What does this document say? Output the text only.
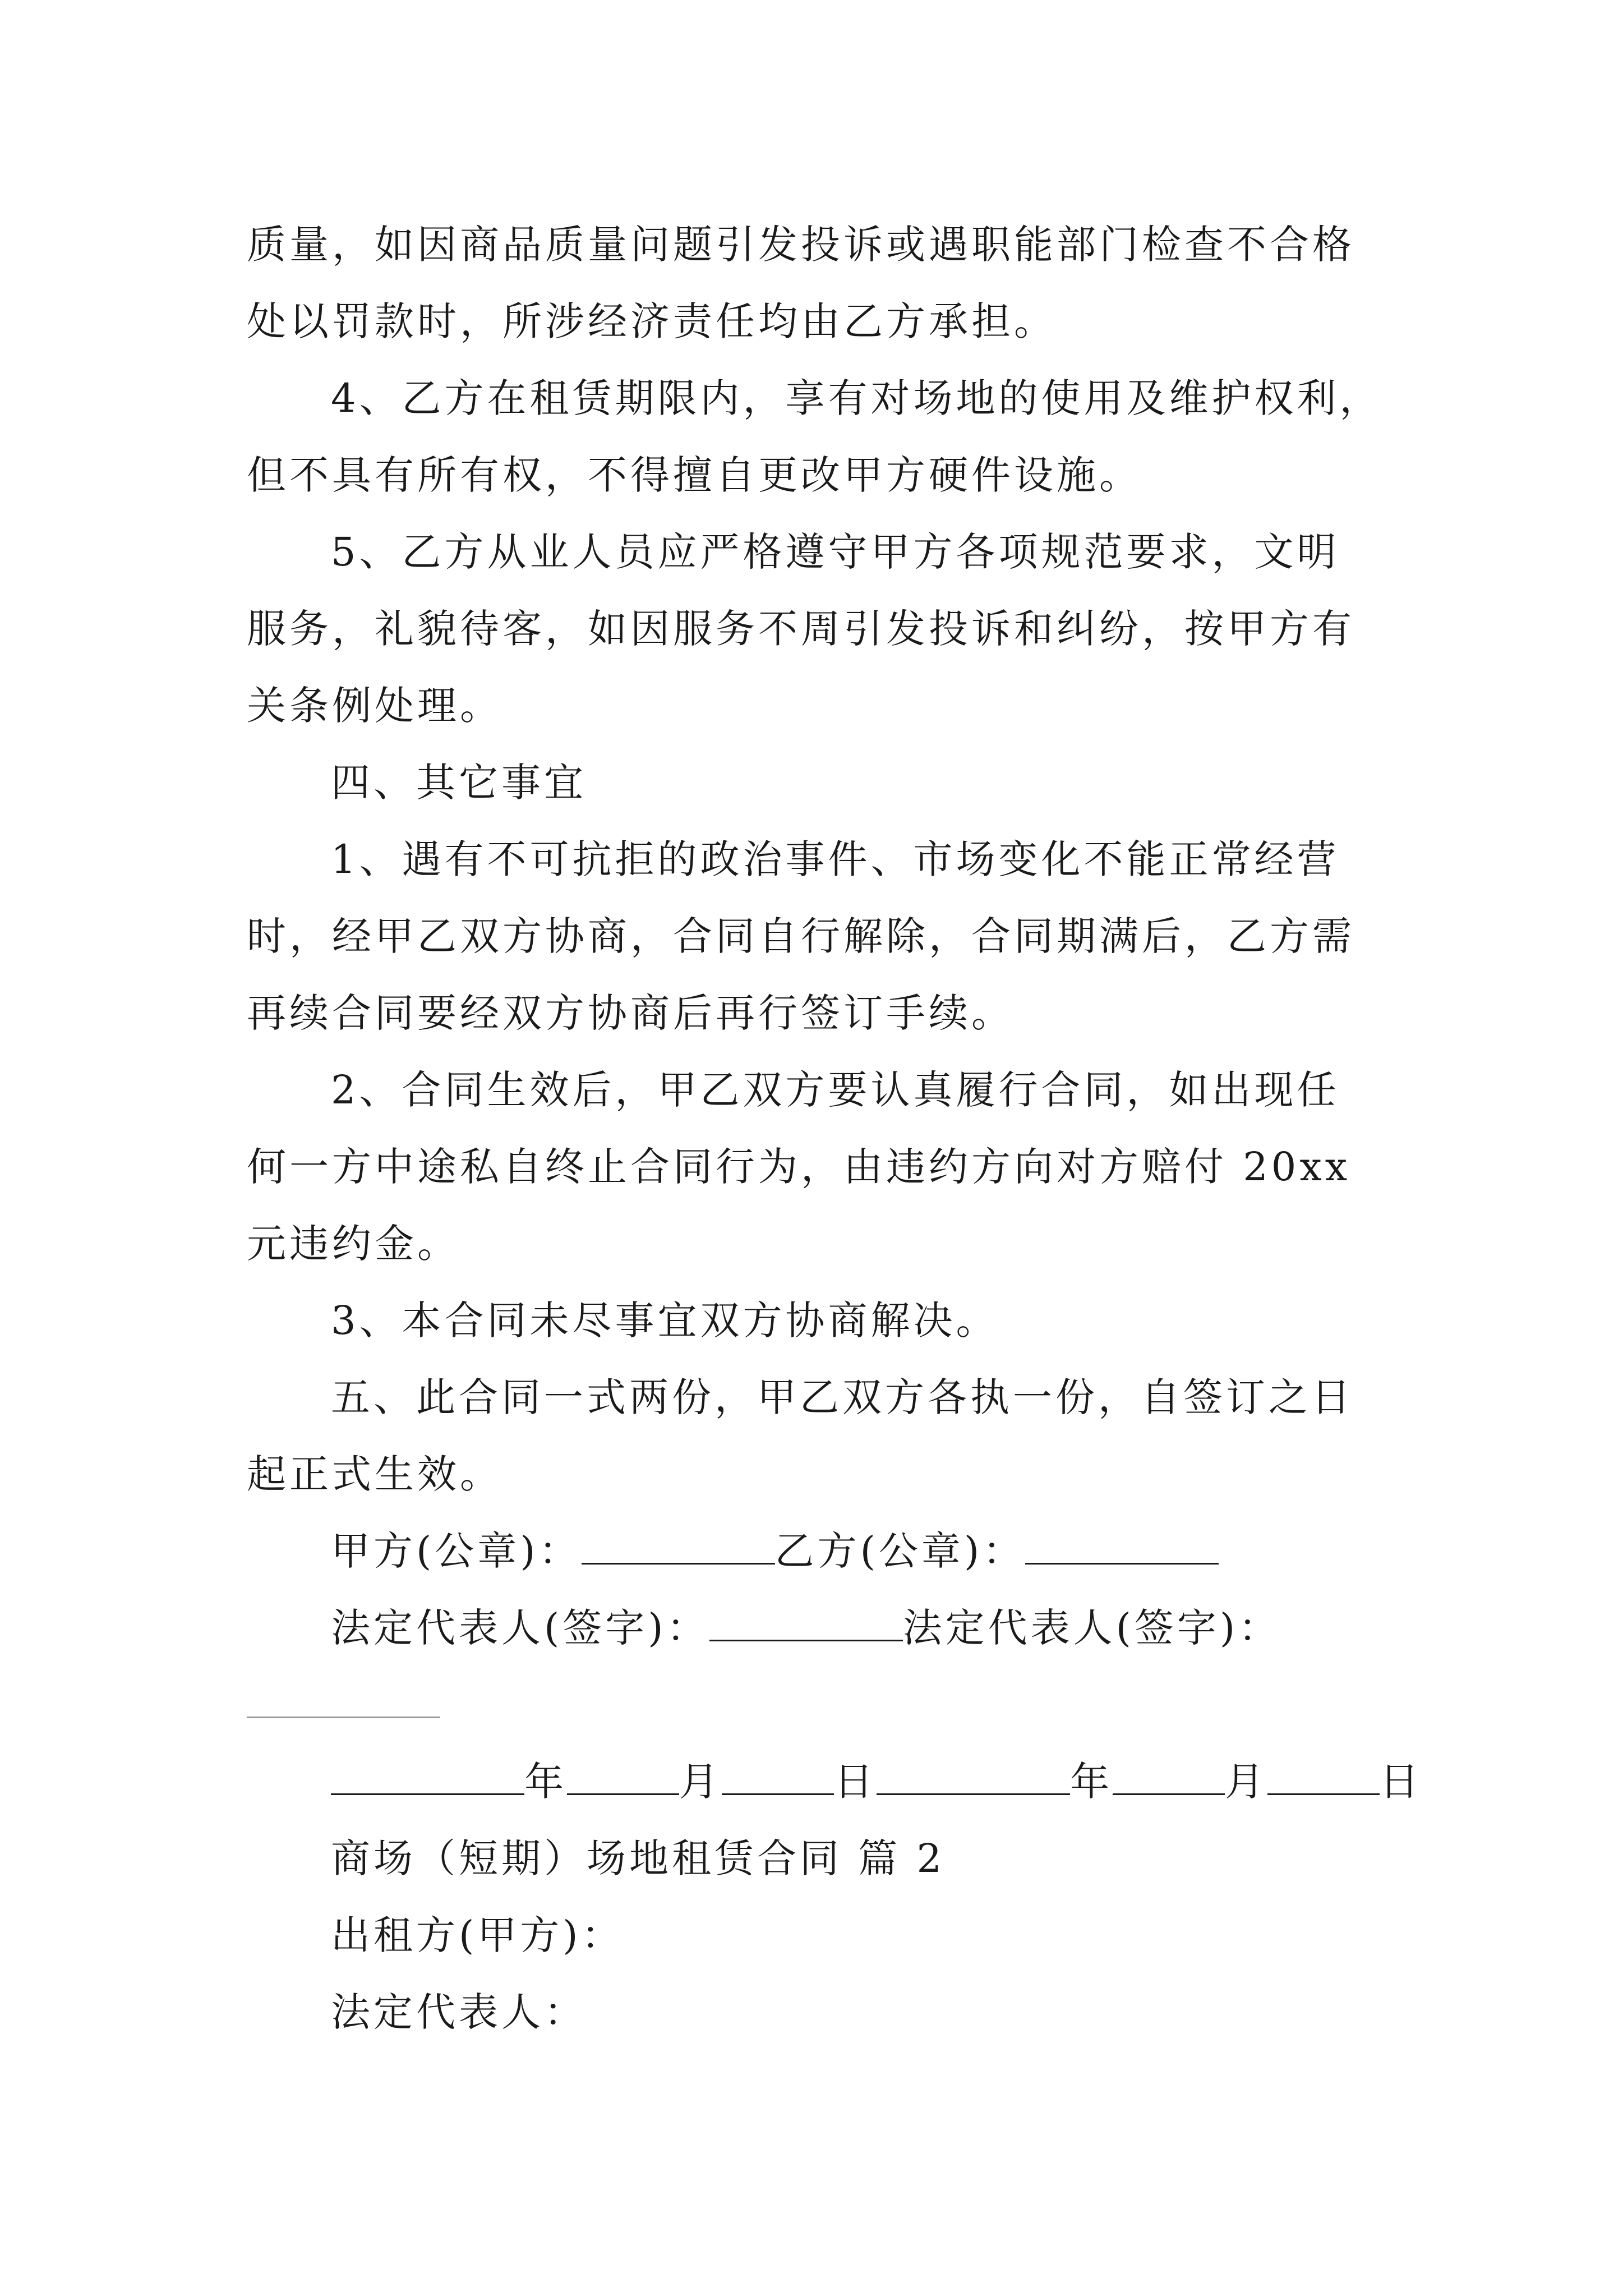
质量，如因商品质量问题引发投诉或遇职能部门检查不合格
处以罚款时，所涉经济责任均由乙方承担。
4、乙方在租赁期限内，享有对场地的使用及维护权利，
但不具有所有权，不得擅自更改甲方硬件设施。
5、乙方从业人员应严格遵守甲方各项规范要求，文明
服务，礼貌待客，如因服务不周引发投诉和纠纷，按甲方有
关条例处理。
四、其它事宜
1、遇有不可抗拒的政治事件、市场变化不能正常经营
时，经甲乙双方协商，合同自行解除，合同期满后，乙方需
再续合同要经双方协商后再行签订手续。
2、合同生效后，甲乙双方要认真履行合同，如出现任
何一方中途私自终止合同行为，由违约方向对方赔付 20xx
元违约金。
3、本合同未尽事宜双方协商解决。
五、此合同一式两份，甲乙双方各执一份，自签订之日
起正式生效。
甲方(公章)：	乙方(公章)：
法定代表人(签字)：	法定代表人(签字)：
年	月	日	年	月	日
商场（短期）场地租赁合同 篇 2
出租方(甲方)：
法定代表人：
